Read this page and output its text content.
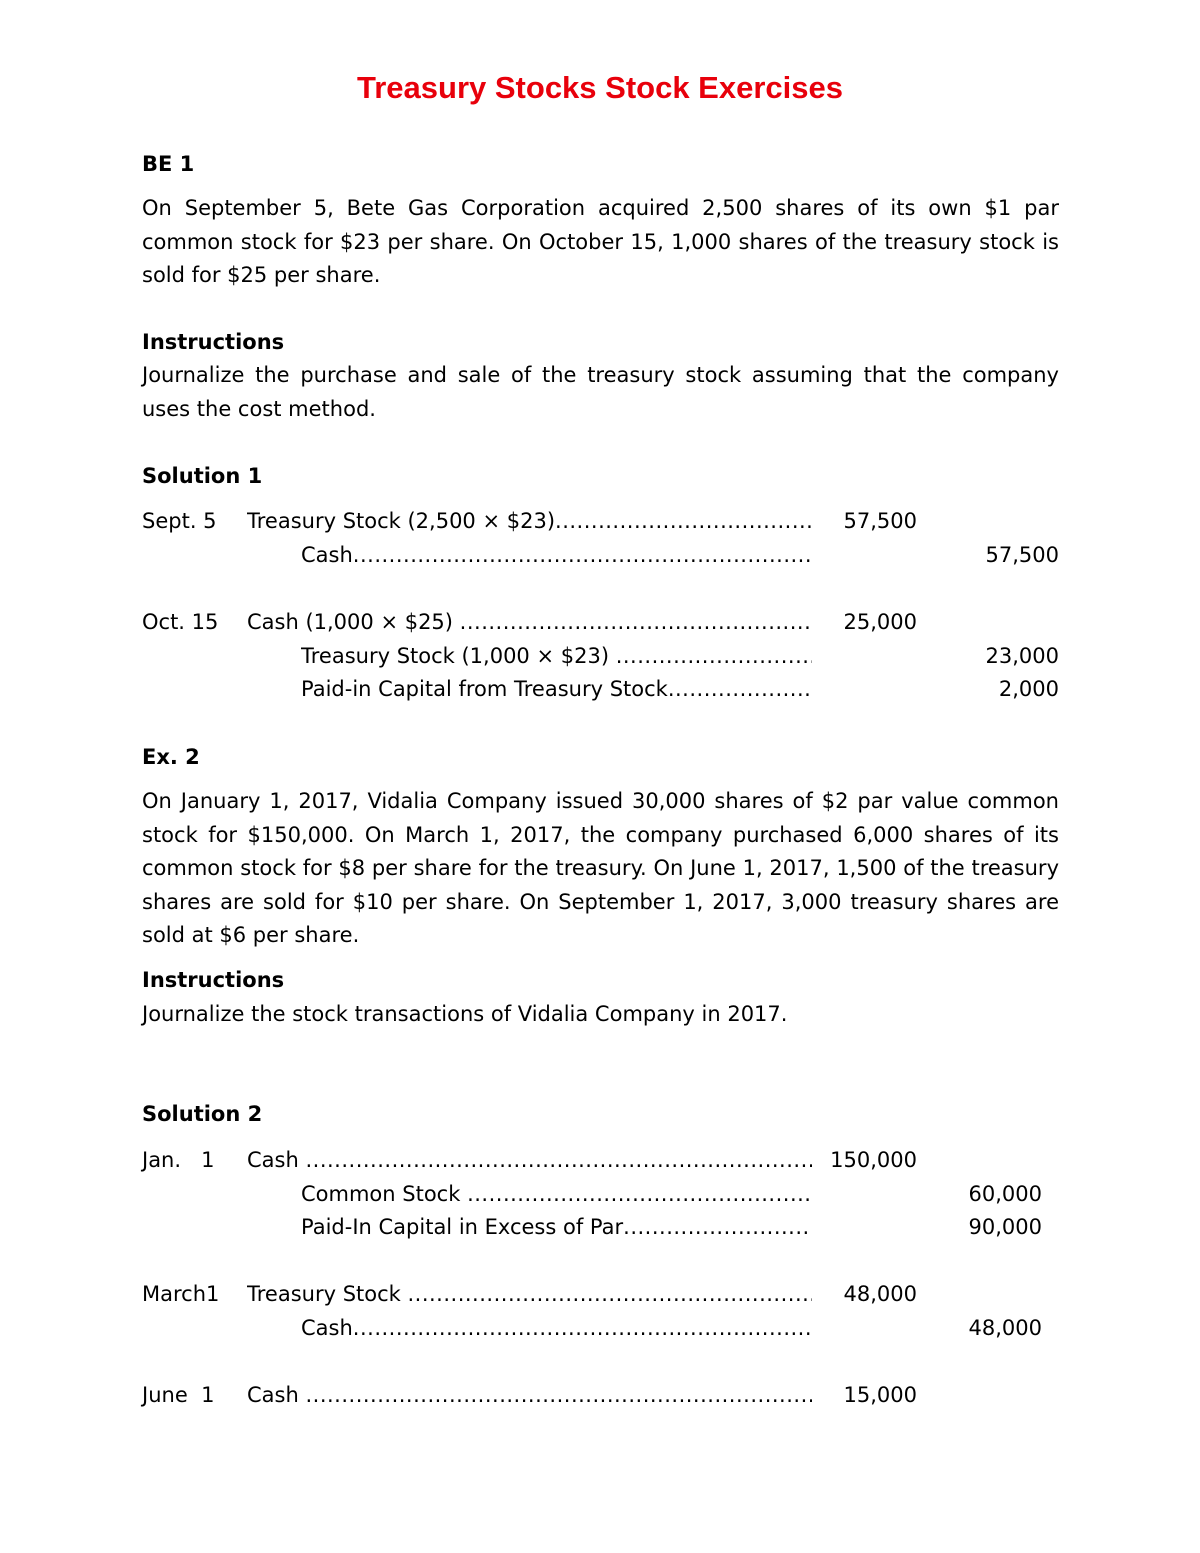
Treasury Stocks Stock Exercises
BE 1

On September 5, Bete Gas Corporation acquired 2,500 shares of its own $1 par common stock for $23 per share. On October 15, 1,000 shares of the treasury stock is sold for $25 per share.

Instructions

Journalize the purchase and sale of the treasury stock assuming that the company uses the cost method.

Solution 1
Sept. 5 Treasury Stock (2,500 × $23) .....	57,500
Cash .....	57,500
Oct. 15 Cash (1,000 × $25) .....	25,000
Treasury Stock (1,000 × $23) .....	23,000
Paid-in Capital from Treasury Stock .....	2,000
Ex. 2

On January 1, 2017, Vidalia Company issued 30,000 shares of $2 par value common stock for $150,000. On March 1, 2017, the company purchased 6,000 shares of its common stock for $8 per share for the treasury. On June 1, 2017, 1,500 of the treasury shares are sold for $10 per share. On September 1, 2017, 3,000 treasury shares are sold at $6 per share.

Instructions

Journalize the stock transactions of Vidalia Company in 2017.

Solution 2
Jan.   1 Cash .....	150,000
Common Stock .....	60,000
Paid-In Capital in Excess of Par .....	90,000
March1 Treasury Stock .....	48,000
Cash .....	48,000
June  1 Cash .....	15,000
